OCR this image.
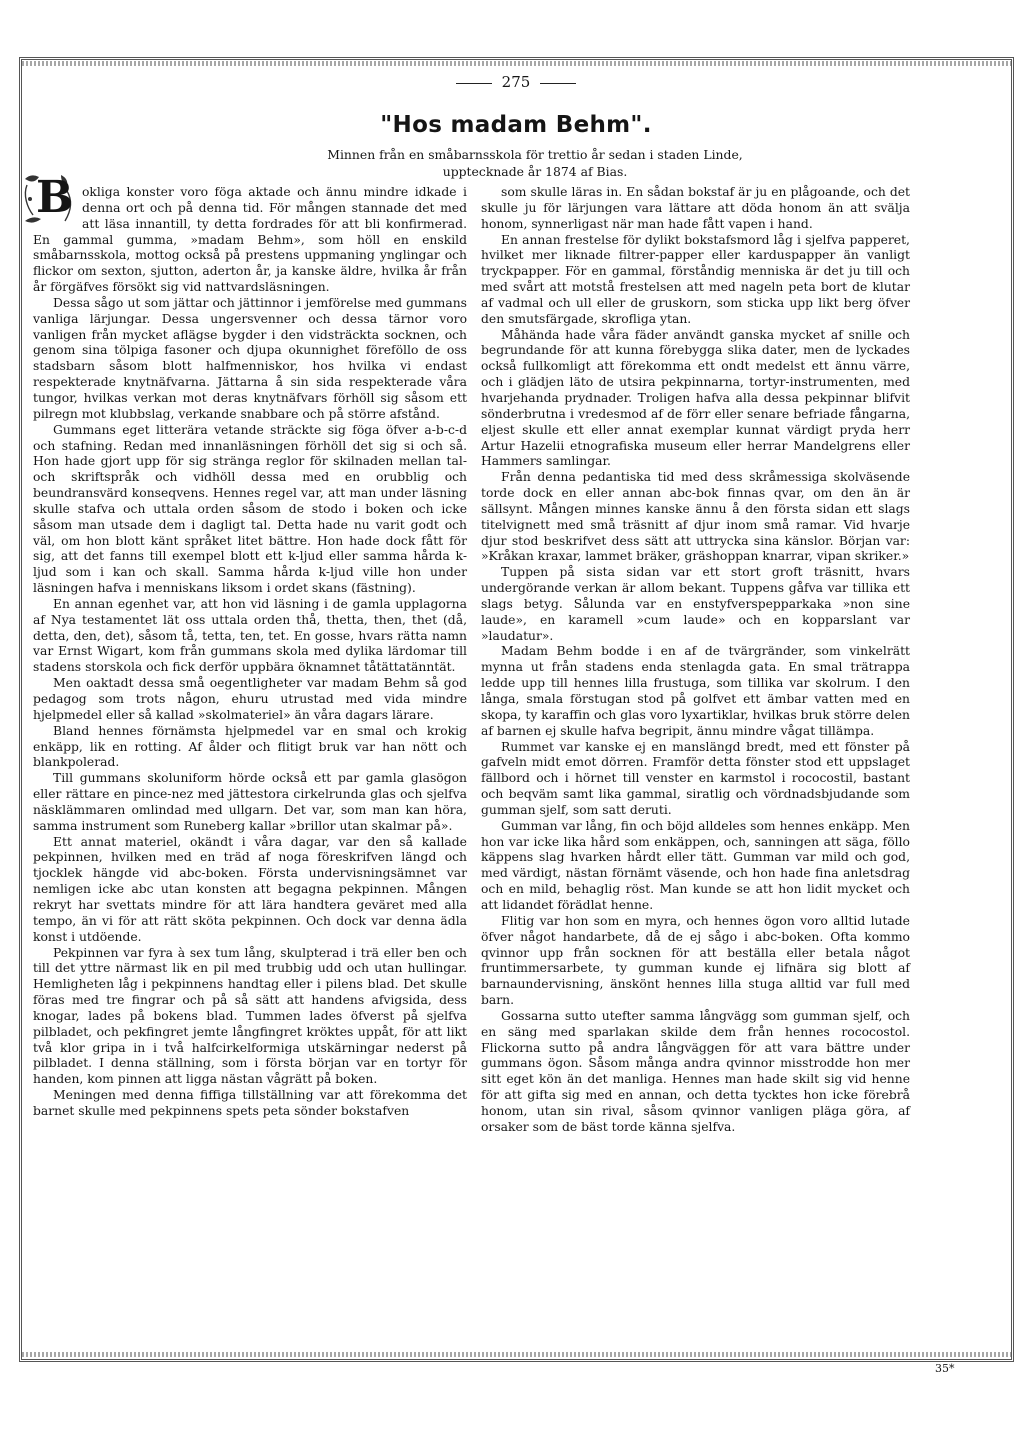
275
"Hos madam Behm".
Minnen från en småbarnsskola för trettio år sedan i staden Linde,
upptecknade år 1874 af Bias.
B okliga konster voro föga aktade och ännu mindre idkade i denna ort och på denna tid. För mången stannade det med att läsa innantill, ty detta fordrades för att bli konfirmerad. En gammal gumma, »madam Behm», som höll en enskild småbarnsskola, mottog också på prestens uppmaning ynglingar och flickor om sexton, sjutton, aderton år, ja kanske äldre, hvilka år från år förgäfves försökt sig vid nattvardsläsningen.

Dessa sågo ut som jättar och jättinnor i jemförelse med gummans vanliga lärjungar. Dessa ungersvenner och dessa tärnor voro vanligen från mycket aflägse bygder i den vidsträckta socknen, och genom sina tölpiga fasoner och djupa okunnighet föreföllo de oss stadsbarn såsom blott halfmenniskor, hos hvilka vi endast respekterade knytnäfvarna. Jättarna å sin sida respekterade våra tungor, hvilkas verkan mot deras knytnäfvars förhöll sig såsom ett pilregn mot klubbslag, verkande snabbare och på större afstånd.

Gummans eget litterära vetande sträckte sig föga öfver a-b-c-d och stafning. Redan med innanläsningen förhöll det sig si och så. Hon hade gjort upp för sig stränga reglor för skilnaden mellan tal- och skriftspråk och vidhöll dessa med en orubblig och beundransvärd konseqvens. Hennes regel var, att man under läsning skulle stafva och uttala orden såsom de stodo i boken och icke såsom man utsade dem i dagligt tal. Detta hade nu varit godt och väl, om hon blott känt språket litet bättre. Hon hade dock fått för sig, att det fanns till exempel blott ett k-ljud eller samma hårda k-ljud som i kan och skall. Samma hårda k-ljud ville hon under läsningen hafva i menniskans liksom i ordet skans (fästning).

En annan egenhet var, att hon vid läsning i de gamla upplagorna af Nya testamentet lät oss uttala orden thå, thetta, then, thet (då, detta, den, det), såsom tå, tetta, ten, tet. En gosse, hvars rätta namn var Ernst Wigart, kom från gummans skola med dylika lärdomar till stadens storskola och fick derför uppbära öknamnet tåtättatänntät.

Men oaktadt dessa små oegentligheter var madam Behm så god pedagog som trots någon, ehuru utrustad med vida mindre hjelpmedel eller så kallad »skolmateriel» än våra dagars lärare.

Bland hennes förnämsta hjelpmedel var en smal och krokig enkäpp, lik en rotting. Af ålder och flitigt bruk var han nött och blankpolerad.

Till gummans skoluniform hörde också ett par gamla glasögon eller rättare en pince-nez med jättestora cirkelrunda glas och sjelfva näsklämmaren omlindad med ullgarn. Det var, som man kan höra, samma instrument som Runeberg kallar »brillor utan skalmar på».

Ett annat materiel, okändt i våra dagar, var den så kallade pekpinnen, hvilken med en träd af noga föreskrifven längd och tjocklek hängde vid abc-boken. Första undervisningsämnet var nemligen icke abc utan konsten att begagna pekpinnen. Mången rekryt har svettats mindre för att lära handtera geväret med alla tempo, än vi för att rätt sköta pekpinnen. Och dock var denna ädla konst i utdöende.

Pekpinnen var fyra à sex tum lång, skulpterad i trä eller ben och till det yttre närmast lik en pil med trubbig udd och utan hullingar. Hemligheten låg i pekpinnens handtag eller i pilens blad. Det skulle föras med tre fingrar och på så sätt att handens afvigsida, dess knogar, lades på bokens blad. Tummen lades öfverst på sjelfva pilbladet, och pekfingret jemte långfingret kröktes uppåt, för att likt två klor gripa in i två halfcirkelformiga utskärningar nederst på pilbladet. I denna ställning, som i första början var en tortyr för handen, kom pinnen att ligga nästan vågrätt på boken.

Meningen med denna fiffiga tillställning var att förekomma det barnet skulle med pekpinnens spets peta sönder bokstafven

som skulle läras in. En sådan bokstaf är ju en plågoande, och det skulle ju för lärjungen vara lättare att döda honom än att svälja honom, synnerligast när man hade fått vapen i hand.

En annan frestelse för dylikt bokstafsmord låg i sjelfva papperet, hvilket mer liknade filtrer-papper eller karduspapper än vanligt tryckpapper. För en gammal, förståndig menniska är det ju till och med svårt att motstå frestelsen att med nageln peta bort de klutar af vadmal och ull eller de gruskorn, som sticka upp likt berg öfver den smutsfärgade, skrofliga ytan.

Måhända hade våra fäder användt ganska mycket af snille och begrundande för att kunna förebygga slika dater, men de lyckades också fullkomligt att förekomma ett ondt medelst ett ännu värre, och i glädjen läto de utsira pekpinnarna, tortyr-instrumenten, med hvarjehanda prydnader. Troligen hafva alla dessa pekpinnar blifvit sönderbrutna i vredesmod af de förr eller senare befriade fångarna, eljest skulle ett eller annat exemplar kunnat värdigt pryda herr Artur Hazelii etnografiska museum eller herrar Mandelgrens eller Hammers samlingar.

Från denna pedantiska tid med dess skråmessiga skolväsende torde dock en eller annan abc-bok finnas qvar, om den än är sällsynt. Mången minnes kanske ännu å den första sidan ett slags titelvignett med små träsnitt af djur inom små ramar. Vid hvarje djur stod beskrifvet dess sätt att uttrycka sina känslor. Början var: »Kråkan kraxar, lammet bräker, gräshoppan knarrar, vipan skriker.»

Tuppen på sista sidan var ett stort groft träsnitt, hvars undergörande verkan är allom bekant. Tuppens gåfva var tillika ett slags betyg. Sålunda var en enstyfverspepparkaka »non sine laude», en karamell »cum laude» och en kopparslant var »laudatur».

Madam Behm bodde i en af de tvärgränder, som vinkelrätt mynna ut från stadens enda stenlagda gata. En smal trätrappa ledde upp till hennes lilla frustuga, som tillika var skolrum. I den långa, smala förstugan stod på golfvet ett ämbar vatten med en skopa, ty karaffin och glas voro lyxartiklar, hvilkas bruk större delen af barnen ej skulle hafva begripit, ännu mindre vågat tillämpa.

Rummet var kanske ej en manslängd bredt, med ett fönster på gafveln midt emot dörren. Framför detta fönster stod ett uppslaget fällbord och i hörnet till venster en karmstol i rococostil, bastant och beqväm samt lika gammal, siratlig och vördnadsbjudande som gumman sjelf, som satt deruti.

Gumman var lång, fin och böjd alldeles som hennes enkäpp. Men hon var icke lika hård som enkäppen, och, sanningen att säga, föllo käppens slag hvarken hårdt eller tätt. Gumman var mild och god, med värdigt, nästan förnämt väsende, och hon hade fina anletsdrag och en mild, behaglig röst. Man kunde se att hon lidit mycket och att lidandet förädlat henne.

Flitig var hon som en myra, och hennes ögon voro alltid lutade öfver något handarbete, då de ej sågo i abc-boken. Ofta kommo qvinnor upp från socknen för att beställa eller betala något fruntimmersarbete, ty gumman kunde ej lifnära sig blott af barnaundervisning, änskönt hennes lilla stuga alltid var full med barn.

Gossarna sutto utefter samma långvägg som gumman sjelf, och en säng med sparlakan skilde dem från hennes rococostol. Flickorna sutto på andra långväggen för att vara bättre under gummans ögon. Såsom många andra qvinnor misstrodde hon mer sitt eget kön än det manliga. Hennes man hade skilt sig vid henne för att gifta sig med en annan, och detta tycktes hon icke förebrå honom, utan sin rival, såsom qvinnor vanligen pläga göra, af orsaker som de bäst torde känna sjelfva.

35*
